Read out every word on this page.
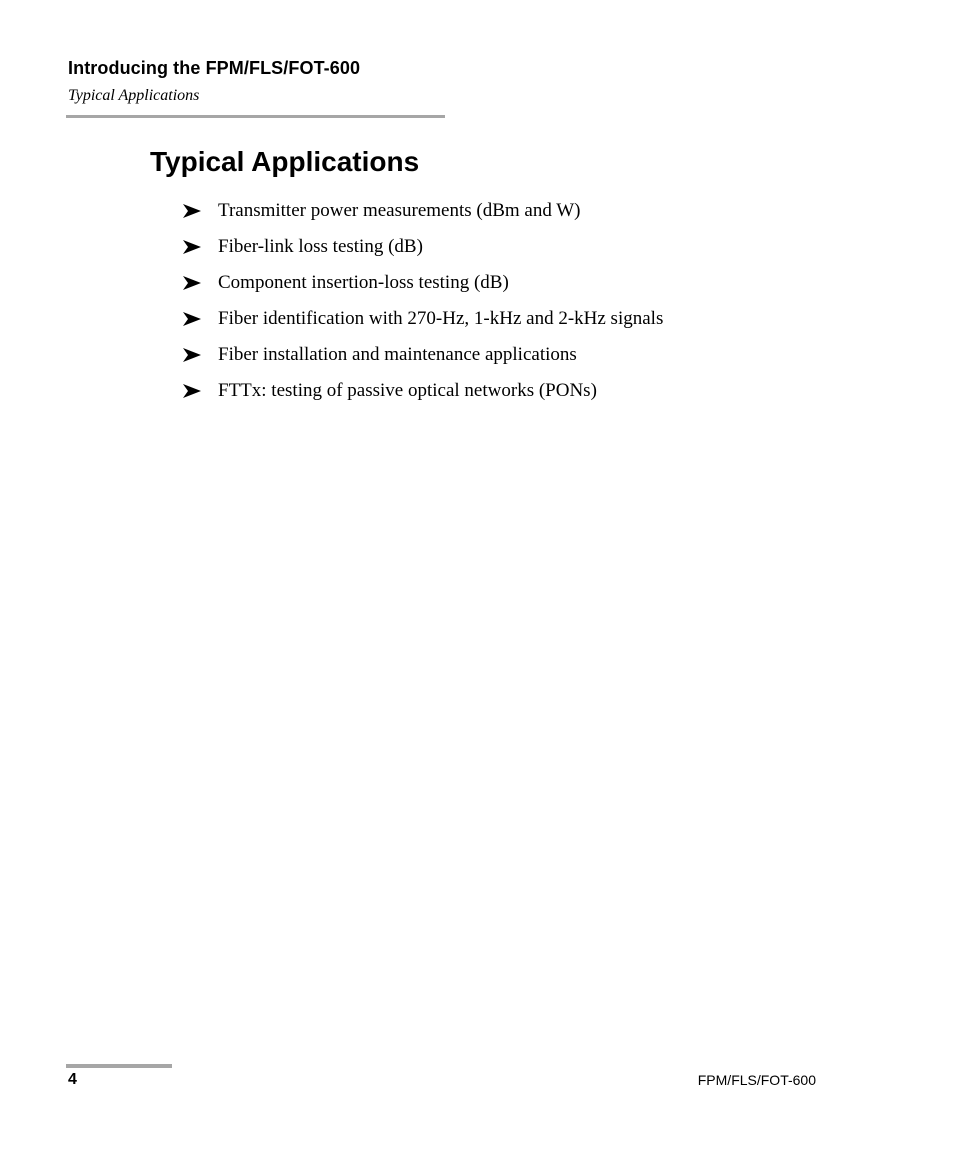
Introducing the FPM/FLS/FOT-600
Typical Applications
Typical Applications
Transmitter power measurements (dBm and W)
Fiber-link loss testing (dB)
Component insertion-loss testing (dB)
Fiber identification with 270-Hz, 1-kHz and 2-kHz signals
Fiber installation and maintenance applications
FTTx: testing of passive optical networks (PONs)
4	FPM/FLS/FOT-600
